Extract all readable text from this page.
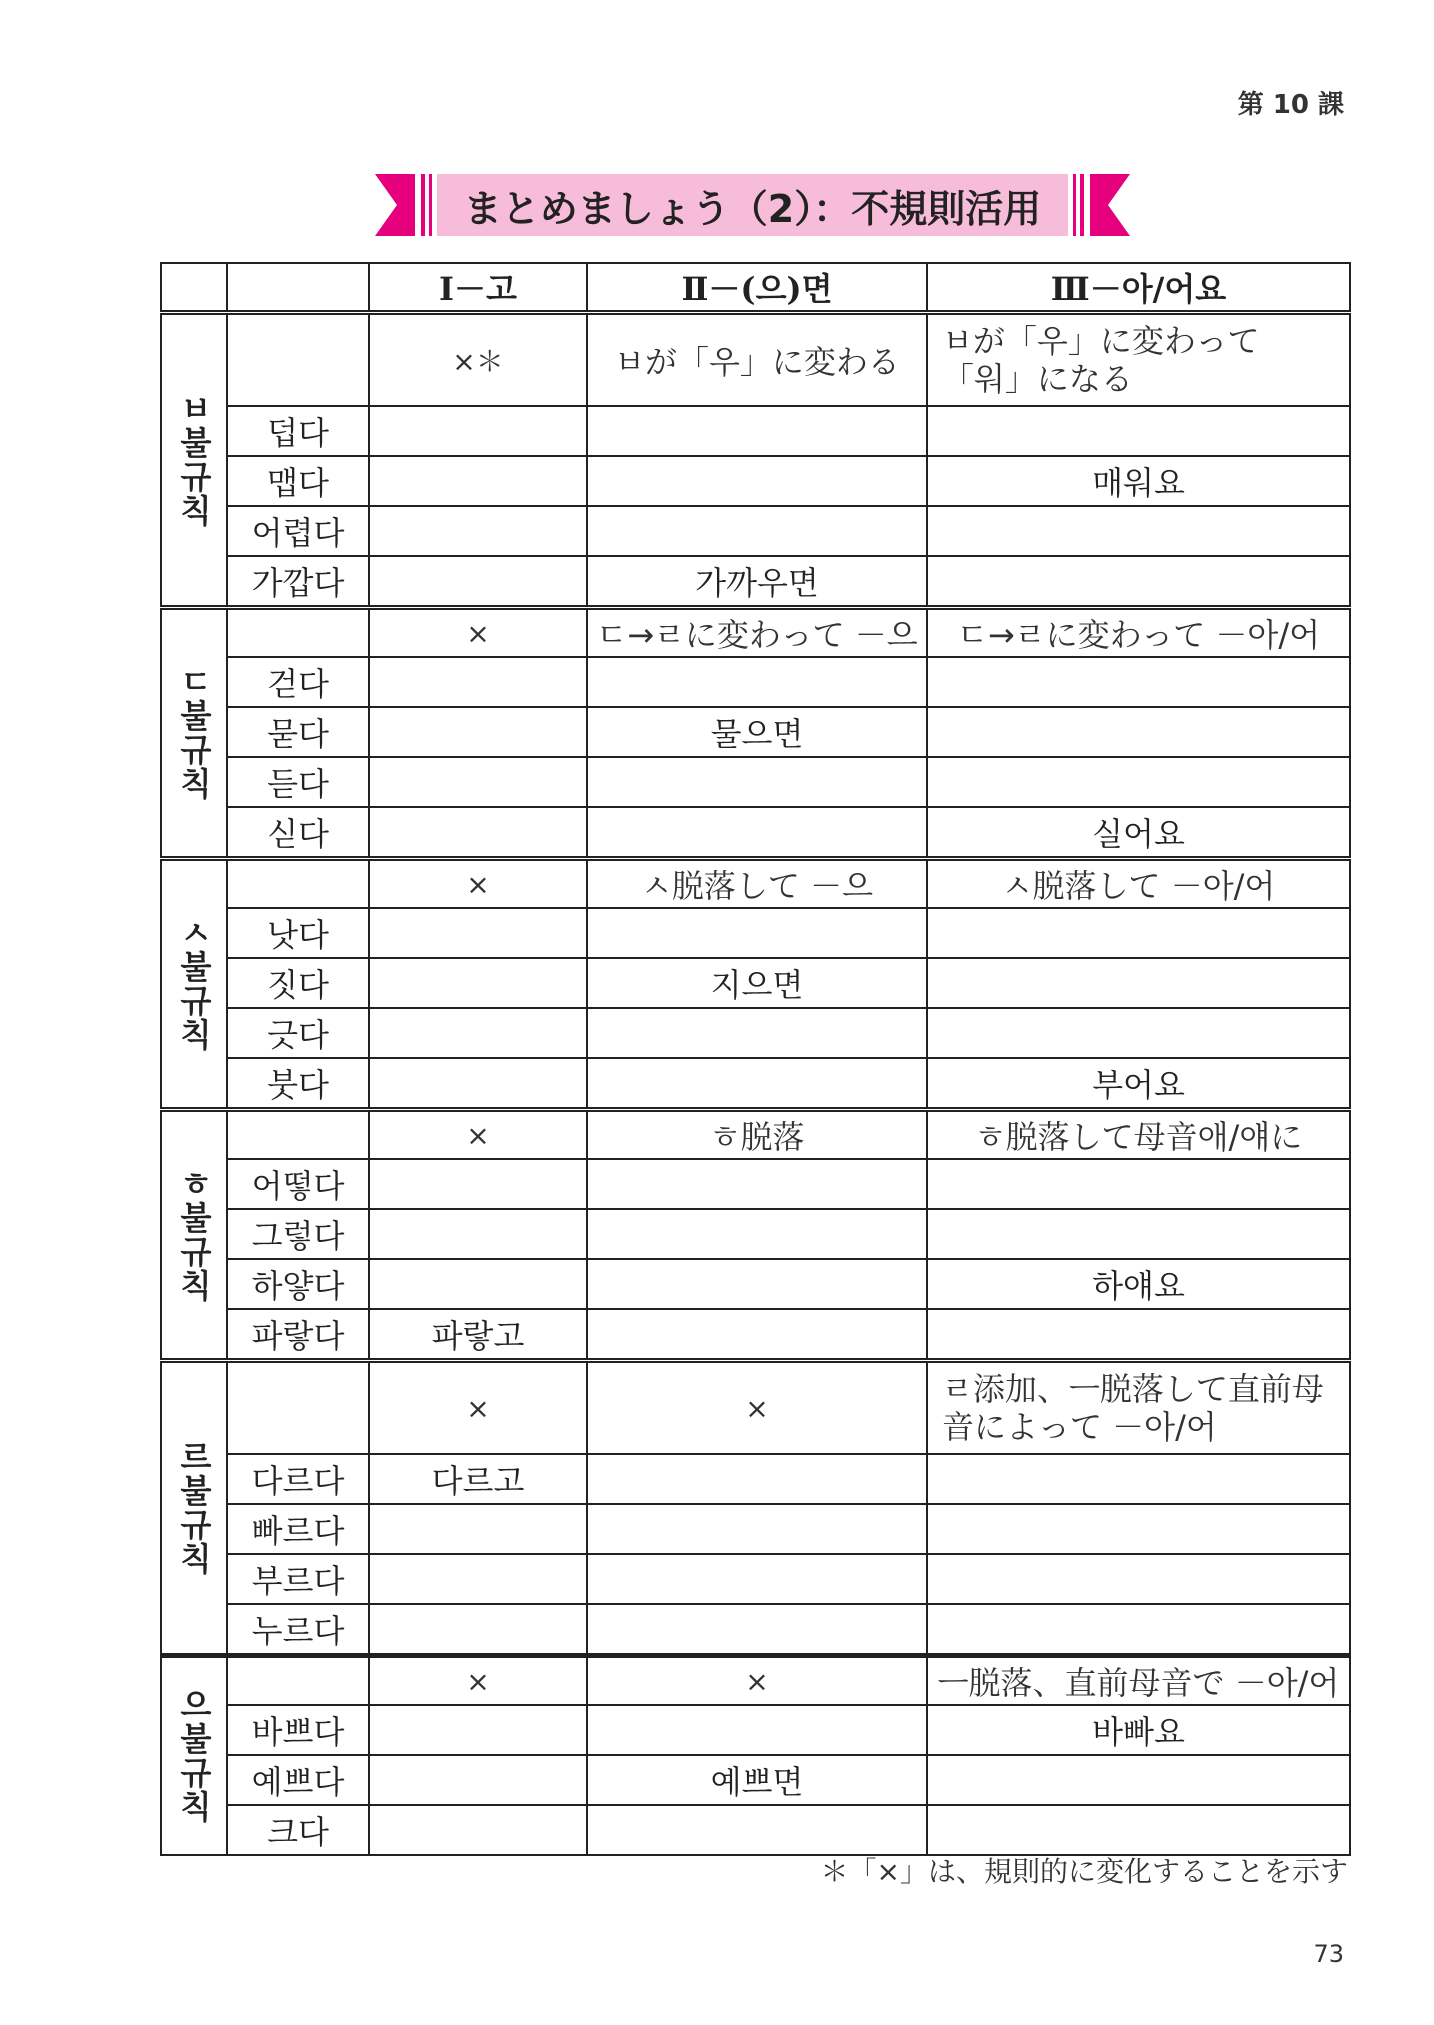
第 10 課
まとめましょう（2）：不規則活用
		Ⅰ－고	Ⅱ－(으)면	Ⅲ－아/어요
ㅂ불규칙		×＊	ㅂが「우」に変わる	ㅂが「우」に変わって「워」になる
	덥다			
	맵다			매워요
	어렵다			
	가깝다		가까우면	
ㄷ불규칙		×	ㄷ→ㄹに変わって －으	ㄷ→ㄹに変わって －아/어
	걷다			
	묻다		물으면	
	듣다			
	싣다			실어요
ㅅ불규칙		×	ㅅ脱落して －으	ㅅ脱落して －아/어
	낫다			
	짓다		지으면	
	긋다			
	붓다			부어요
ㅎ불규칙		×	ㅎ脱落	ㅎ脱落して母音애/얘に
	어떻다			
	그렇다			
	하얗다			하얘요
	파랗다	파랗고		
르불규칙		×	×	ㄹ添加、ㅡ脱落して直前母音によって －아/어
	다르다	다르고		
	빠르다			
	부르다			
	누르다			
으불규칙		×	×	ㅡ脱落、直前母音で －아/어
	바쁘다			바빠요
	예쁘다		예쁘면	
	크다			
＊「×」は、規則的に変化することを示す
73
